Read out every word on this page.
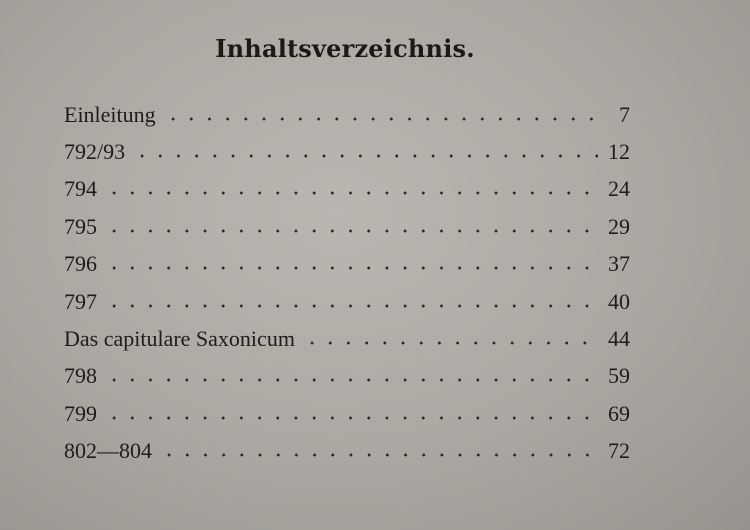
Inhaltsverzeichnis.
Einleitung	7
792/93	12
794	24
795	29
796	37
797	40
Das capitulare Saxonicum	44
798	59
799	69
802—804	72
